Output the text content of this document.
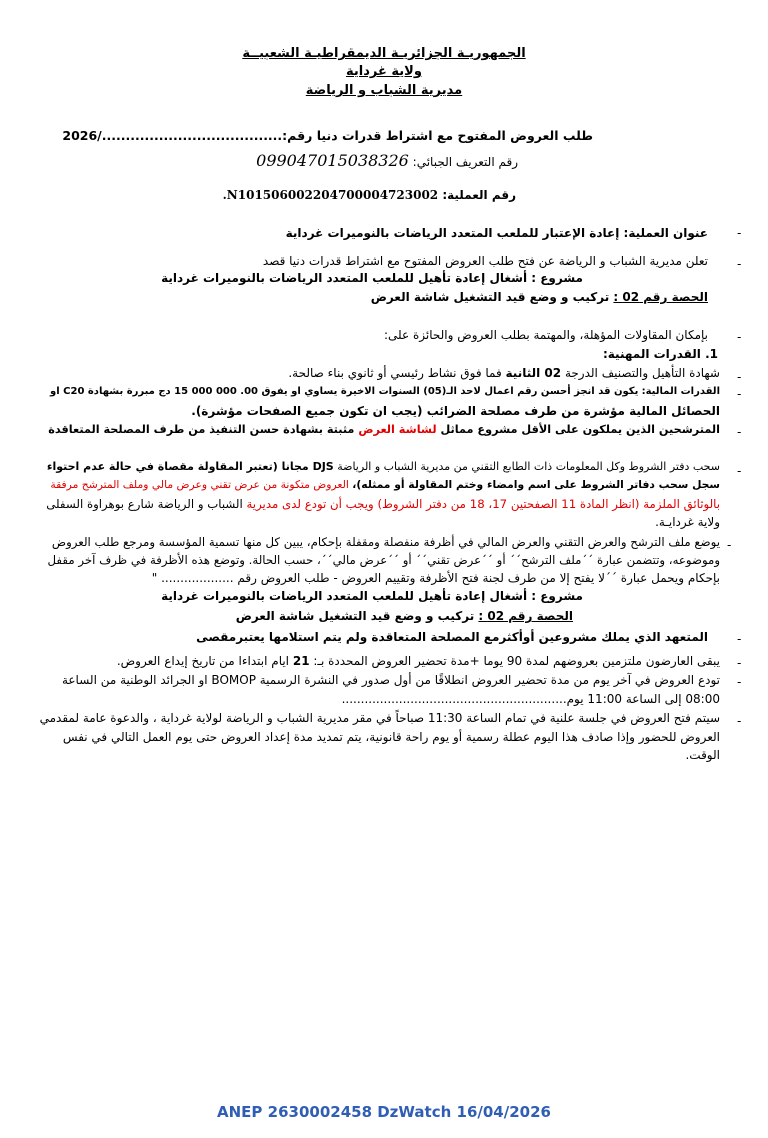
الجمهوريـة الجزائريـة الديمقراطيـة الشعبيــة
ولاية غرداية
مديرية الشباب و الرياضة
طلب العروض المفتوح مع اشتراط قدرات دنيا رقم:....................................../2026
رقم التعريف الجبائي: 099047015038326
رقم العملية: N101506002204700004723002.
-
عنوان العملية: إعادة الإعتبار للملعب المتعدد الرياضات بالنوميرات غرداية
-
تعلن مديرية الشباب و الرياضة عن فتح طلب العروض المفتوح مع اشتراط قدرات دنيا قصد
مشروع : أشغال إعادة تأهيل للملعب المتعدد الرياضات بالنوميرات غرداية
الحصة رقم 02 : تركيب و وضع قيد التشغيل شاشة العرض
-
بإمكان المقاولات المؤهلة، والمهتمة بطلب العروض والحائزة على:
1. القدرات المهنية:
-
شهادة التأهيل والتصنيف الدرجة 02 الثانية فما فوق نشاط رئيسي أو ثانوي بناء صالحة.
-
القدرات المالية: يكون قد انجز أحسن رقم اعمال لاحد الـ(05) السنوات الاخيرة يساوي او يفوق 00. 000 000 15 دج مبررة بشهادة C20 او
الحصائل المالية مؤشرة من طرف مصلحة الضرائب (يجب ان تكون جميع الصفحات مؤشرة).
-
المترشحين الذين يملكون على الأقل مشروع مماثل لشاشة العرض مثبتة بشهادة حسن التنفيذ من طرف المصلحة المتعاقدة
-
سحب دفتر الشروط وكل المعلومات ذات الطابع التقني من مديرية الشباب و الرياضة DJS مجانا (تعتبر المقاولة مقصاة في حالة عدم احتواء
سجل سحب دفاتر الشروط على اسم وامضاء وختم المقاولة أو ممثله)، العروض متكونة من عرض تقني وعرض مالي وملف المترشح مرفقة
بالوثائق الملزمة (انظر المادة 11 الصفحتين 17، 18 من دفتر الشروط) ويجب أن تودع لدى مديرية الشباب و الرياضة شارع بوهراوة السفلى
ولاية غردايـة.
-
يوضع ملف الترشح والعرض التقني والعرض المالي في أظرفة منفصلة ومقفلة بإحكام، يبين كل منها تسمية المؤسسة ومرجع طلب العروض
وموضوعه، وتتضمن عبارة ´´ملف الترشح´´ أو ´´عرض تقني´´ أو ´´عرض مالي´´، حسب الحالة. وتوضع هذه الأظرفة في ظرف آخر مقفل
بإحكام ويحمل عبارة ´´لا يفتح إلا من طرف لجنة فتح الأظرفة وتقييم العروض - طلب العروض رقم ................... "
مشروع : أشغال إعادة تأهيل للملعب المتعدد الرياضات بالنوميرات غرداية
الحصة رقم 02 : تركيب و وضع قيد التشغيل شاشة العرض
-
المتعهد الذي يملك مشروعين أوأكثرمع المصلحة المتعاقدة ولم يتم استلامها يعتبرمقصى
-
يبقى العارضون ملتزمين بعروضهم لمدة 90 يوما +مدة تحضير العروض المحددة بـ: 21 ايام ابتداءا من تاريخ إيداع العروض.
-
تودع العروض في آخر يوم من مدة تحضير العروض انطلاقًا من أول صدور في النشرة الرسمية BOMOP او الجرائد الوطنية من الساعة
08:00 إلى الساعة 11:00 يوم...........................................................
-
سيتم فتح العروض في جلسة علنية في تمام الساعة 11:30 صباحاً في مقر مديرية الشباب و الرياضة لولاية غرداية ، والدعوة عامة لمقدمي
العروض للحضور وإذا صادف هذا اليوم عطلة رسمية أو يوم راحة قانونية، يتم تمديد مدة إعداد العروض حتى يوم العمل التالي في نفس
الوقت.
ANEP 2630002458 DzWatch 16/04/2026
